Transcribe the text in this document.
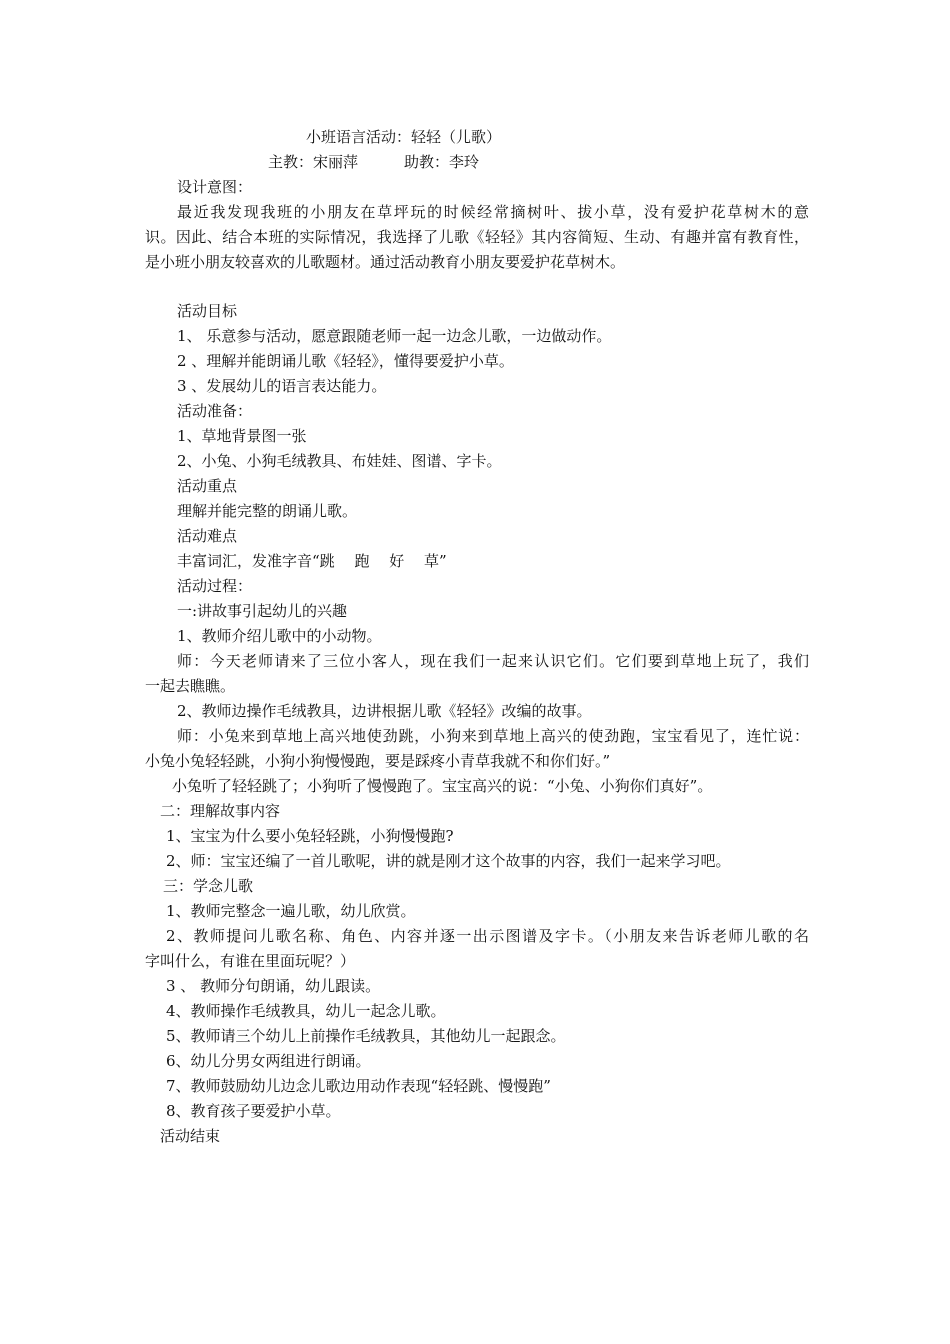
小班语言活动：轻轻（儿歌）
主教：宋丽萍	助教：李玲
设计意图：
最近我发现我班的小朋友在草坪玩的时候经常摘树叶、拔小草，没有爱护花草树木的意
识。因此、结合本班的实际情况，我选择了儿歌《轻轻》其内容简短、生动、有趣并富有教育性，
是小班小朋友较喜欢的儿歌题材。通过活动教育小朋友要爱护花草树木。
活动目标
1、 乐意参与活动，愿意跟随老师一起一边念儿歌，一边做动作。
2 、理解并能朗诵儿歌《轻轻》，懂得要爱护小草。
3 、发展幼儿的语言表达能力。
活动准备：
1、草地背景图一张
2、小兔、小狗毛绒教具、布娃娃、图谱、字卡。
活动重点
理解并能完整的朗诵儿歌。
活动难点
丰富词汇，发准字音“跳　 跑　 好　 草”
活动过程：
一:讲故事引起幼儿的兴趣
1、教师介绍儿歌中的小动物。
师：今天老师请来了三位小客人，现在我们一起来认识它们。它们要到草地上玩了，我们
一起去瞧瞧。
2、教师边操作毛绒教具，边讲根据儿歌《轻轻》改编的故事。
师：小兔来到草地上高兴地使劲跳，小狗来到草地上高兴的使劲跑，宝宝看见了，连忙说：
小兔小兔轻轻跳，小狗小狗慢慢跑，要是踩疼小青草我就不和你们好。”
小兔听了轻轻跳了；小狗听了慢慢跑了。宝宝高兴的说：“小兔、小狗你们真好”。
二：理解故事内容
1、宝宝为什么要小兔轻轻跳，小狗慢慢跑?
2、师：宝宝还编了一首儿歌呢，讲的就是刚才这个故事的内容，我们一起来学习吧。
三：学念儿歌
1、教师完整念一遍儿歌，幼儿欣赏。
2、教师提问儿歌名称、角色、内容并逐一出示图谱及字卡。（小朋友来告诉老师儿歌的名
字叫什么，有谁在里面玩呢？）
3 、 教师分句朗诵，幼儿跟读。
4、教师操作毛绒教具，幼儿一起念儿歌。
5、教师请三个幼儿上前操作毛绒教具，其他幼儿一起跟念。
6、幼儿分男女两组进行朗诵。
7、教师鼓励幼儿边念儿歌边用动作表现“轻轻跳、慢慢跑”
8、教育孩子要爱护小草。
活动结束
